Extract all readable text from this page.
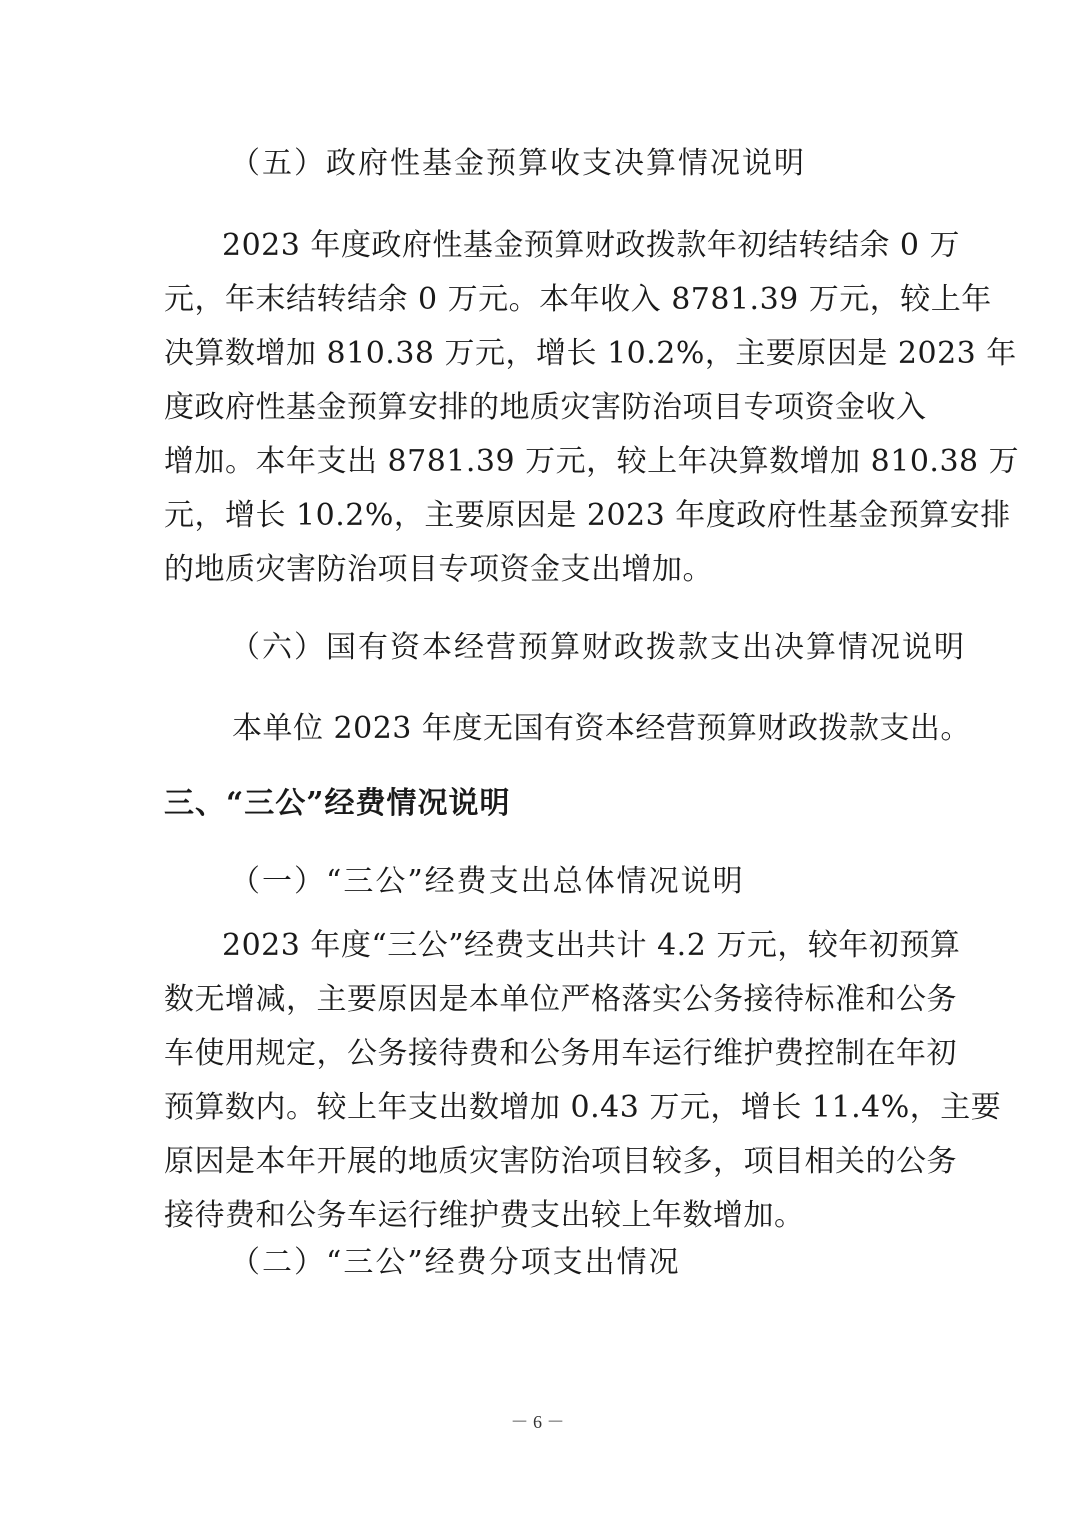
（五）政府性基金预算收支决算情况说明
2023 年度政府性基金预算财政拨款年初结转结余 0 万
元，年末结转结余 0 万元。本年收入 8781.39 万元，较上年
决算数增加 810.38 万元，增长 10.2%，主要原因是 2023 年
度政府性基金预算安排的地质灾害防治项目专项资金收入
增加。本年支出 8781.39 万元，较上年决算数增加 810.38 万
元，增长 10.2%，主要原因是 2023 年度政府性基金预算安排
的地质灾害防治项目专项资金支出增加。
（六）国有资本经营预算财政拨款支出决算情况说明
本单位 2023 年度无国有资本经营预算财政拨款支出。
三、“三公”经费情况说明
（一）“三公”经费支出总体情况说明
2023 年度“三公”经费支出共计 4.2 万元，较年初预算
数无增减，主要原因是本单位严格落实公务接待标准和公务
车使用规定，公务接待费和公务用车运行维护费控制在年初
预算数内。较上年支出数增加 0.43 万元，增长 11.4%，主要
原因是本年开展的地质灾害防治项目较多，项目相关的公务
接待费和公务车运行维护费支出较上年数增加。
（二）“三公”经费分项支出情况
－ 6 －
